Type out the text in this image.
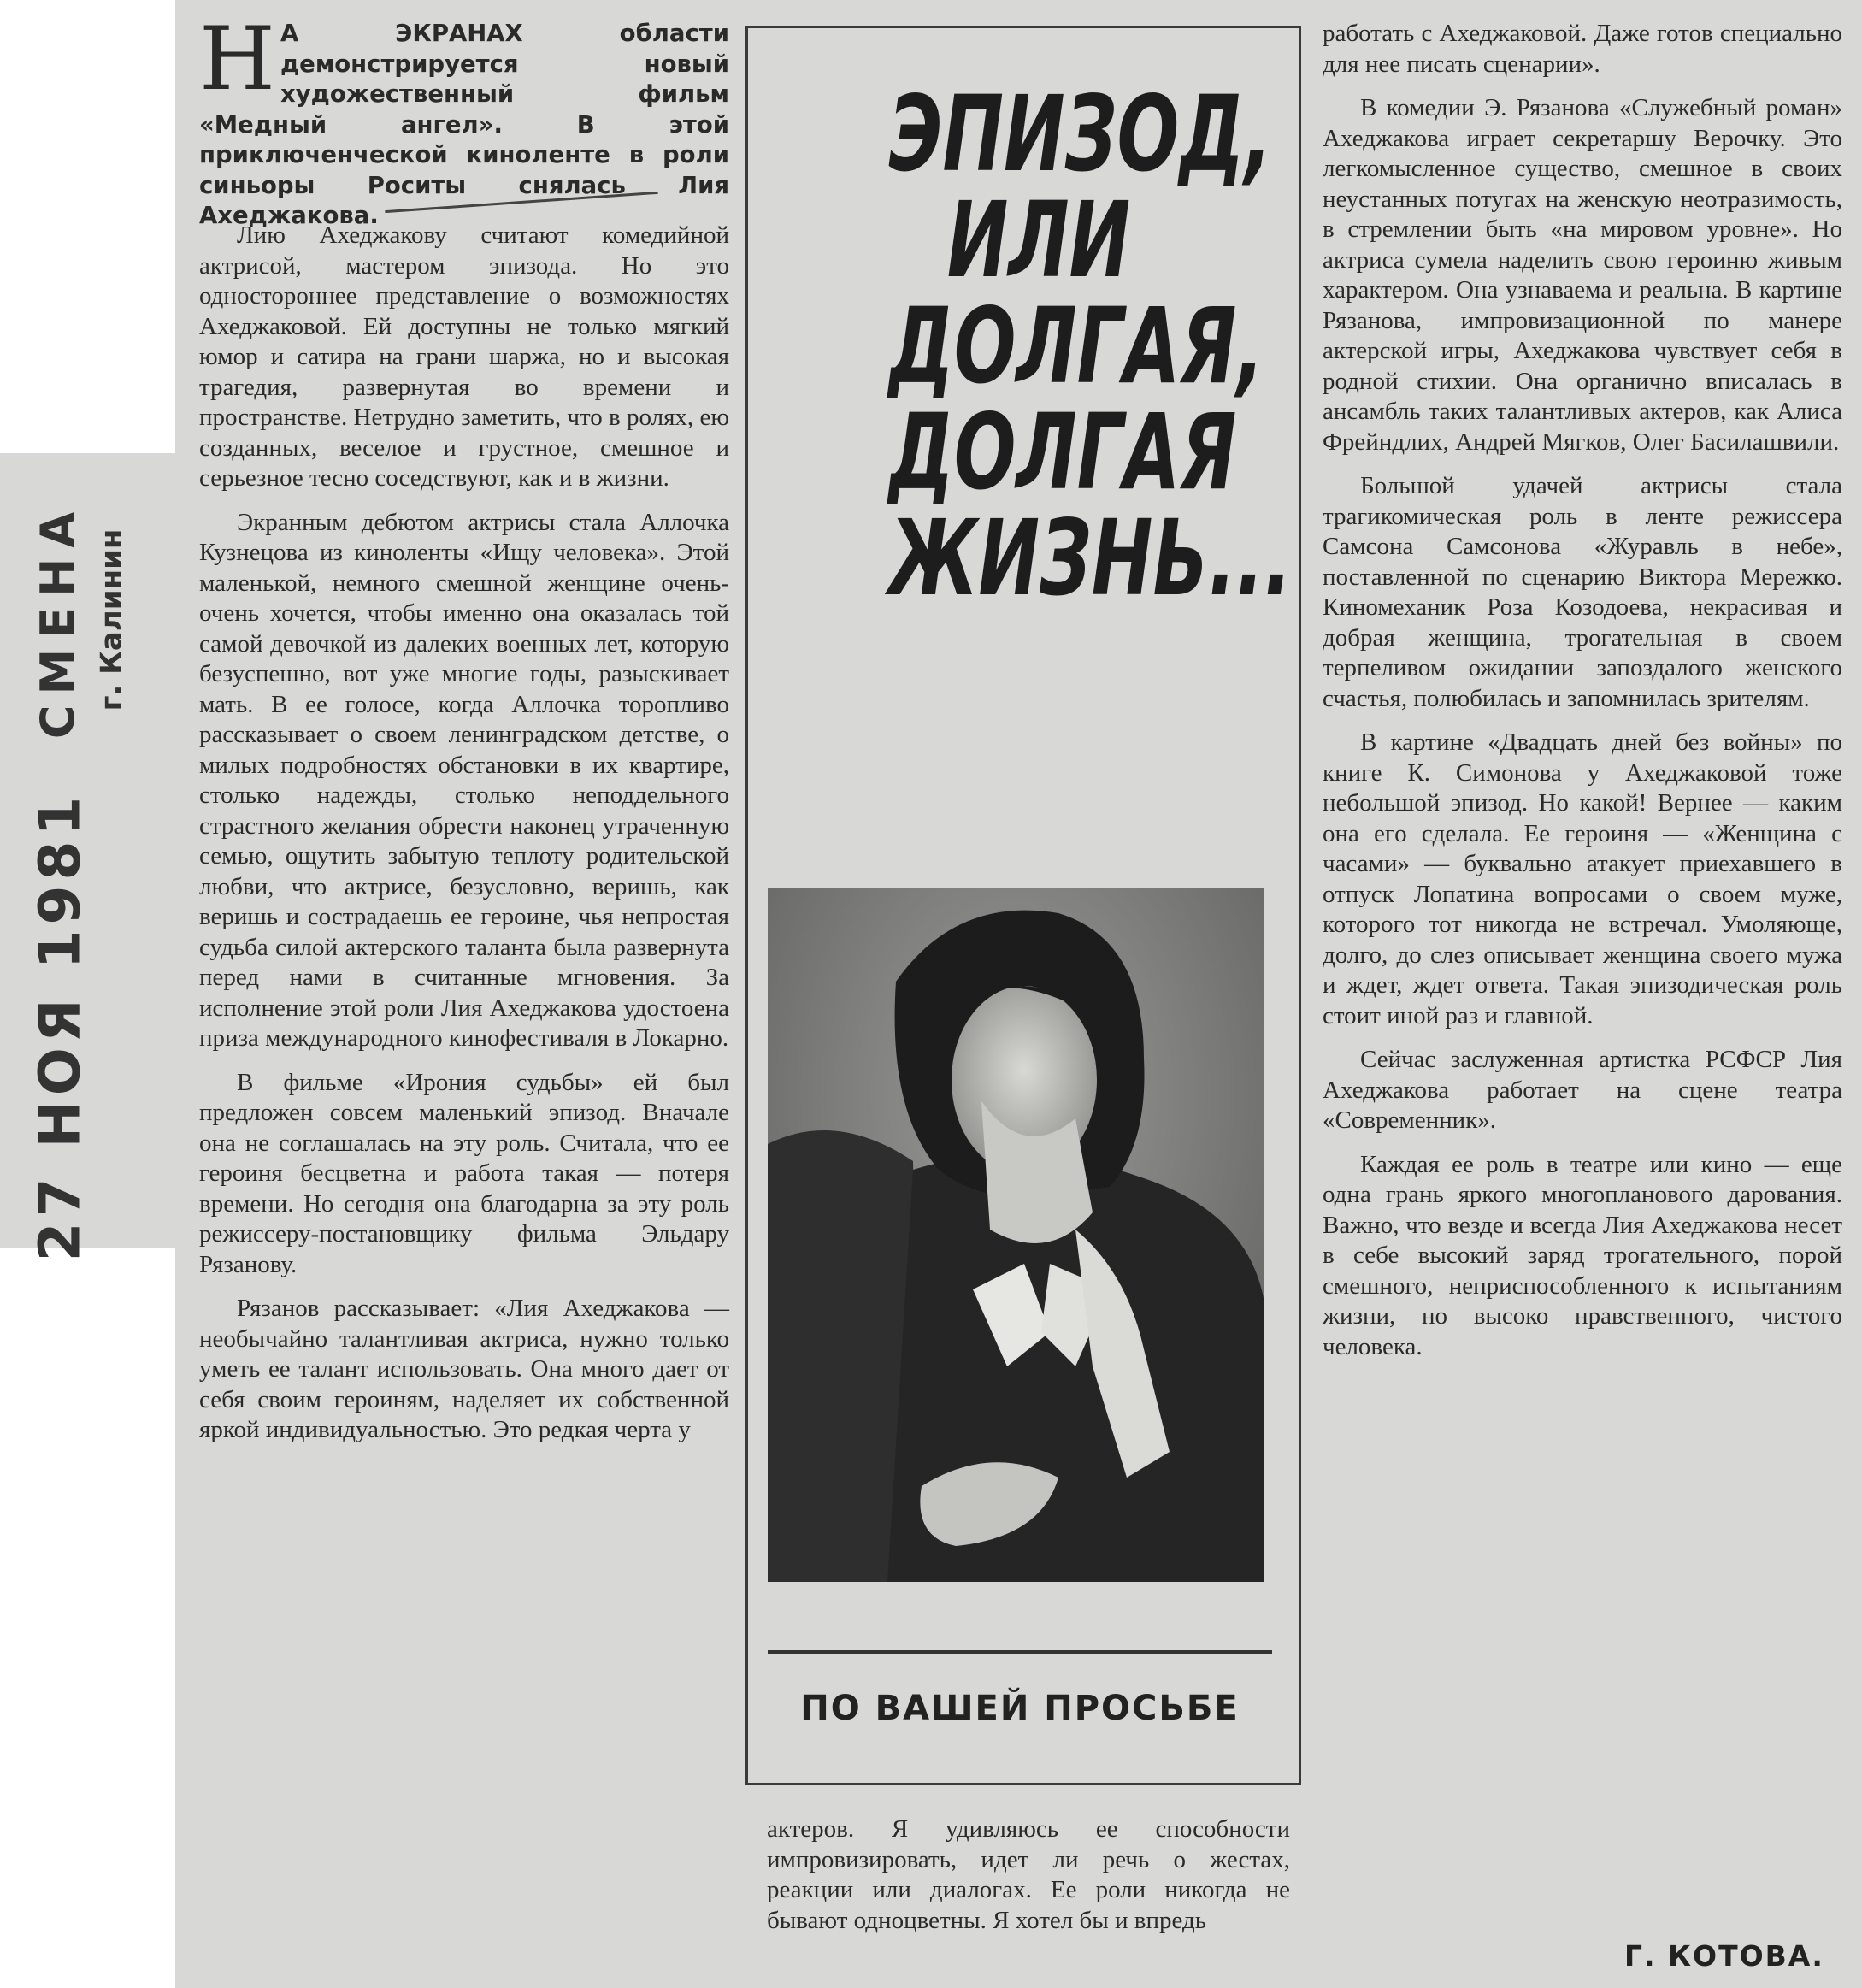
СМЕНА г. Калинин
27 НОЯ 1981
Н А ЭКРАНАХ области демонстрируется новый художественный фильм «Медный ангел». В этой приключенческой киноленте в роли синьоры Роситы снялась Лия Ахеджакова.

Лию Ахеджакову считают комедийной актрисой, мастером эпизода. Но это одностороннее представление о возможностях Ахеджаковой. Ей доступны не только мягкий юмор и сатира на грани шаржа, но и высокая трагедия, развернутая во времени и пространстве. Нетрудно заметить, что в ролях, ею созданных, веселое и грустное, смешное и серьезное тесно соседствуют, как и в жизни.

Экранным дебютом актрисы стала Аллочка Кузнецова из киноленты «Ищу человека». Этой маленькой, немного смешной женщине очень-очень хочется, чтобы именно она оказалась той самой девочкой из далеких военных лет, которую безуспешно, вот уже многие годы, разыскивает мать. В ее голосе, когда Аллочка торопливо рассказывает о своем ленинградском детстве, о милых подробностях обстановки в их квартире, столько надежды, столько неподдельного страстного желания обрести наконец утраченную семью, ощутить забытую теплоту родительской любви, что актрисе, безусловно, веришь, как веришь и сострадаешь ее героине, чья непростая судьба силой актерского таланта была развернута перед нами в считанные мгновения. За исполнение этой роли Лия Ахеджакова удостоена приза международного кинофестиваля в Локарно.

В фильме «Ирония судьбы» ей был предложен совсем маленький эпизод. Вначале она не соглашалась на эту роль. Считала, что ее героиня бесцветна и работа такая — потеря времени. Но сегодня она благодарна за эту роль режиссеру-постановщику фильма Эльдару Рязанову.

Рязанов рассказывает: «Лия Ахеджакова — необычайно талантливая актриса, нужно только уметь ее талант использовать. Она много дает от себя своим героиням, наделяет их собственной яркой индивидуальностью. Это редкая черта у

ЭПИЗОД,
ИЛИ
ДОЛГАЯ,
ДОЛГАЯ
ЖИЗНЬ...
ПО ВАШЕЙ ПРОСЬБЕ

актеров. Я удивляюсь ее способности импровизировать, идет ли речь о жестах, реакции или диалогах. Ее роли никогда не бывают одноцветны. Я хотел бы и впредь

работать с Ахеджаковой. Даже готов специально для нее писать сценарии».

В комедии Э. Рязанова «Служебный роман» Ахеджакова играет секретаршу Верочку. Это легкомысленное существо, смешное в своих неустанных потугах на женскую неотразимость, в стремлении быть «на мировом уровне». Но актриса сумела наделить свою героиню живым характером. Она узнаваема и реальна. В картине Рязанова, импровизационной по манере актерской игры, Ахеджакова чувствует себя в родной стихии. Она органично вписалась в ансамбль таких талантливых актеров, как Алиса Фрейндлих, Андрей Мягков, Олег Басилашвили.

Большой удачей актрисы стала трагикомическая роль в ленте режиссера Самсона Самсонова «Журавль в небе», поставленной по сценарию Виктора Мережко. Киномеханик Роза Козодоева, некрасивая и добрая женщина, трогательная в своем терпеливом ожидании запоздалого женского счастья, полюбилась и запомнилась зрителям.

В картине «Двадцать дней без войны» по книге К. Симонова у Ахеджаковой тоже небольшой эпизод. Но какой! Вернее — каким она его сделала. Ее героиня — «Женщина с часами» — буквально атакует приехавшего в отпуск Лопатина вопросами о своем муже, которого тот никогда не встречал. Умоляюще, долго, до слез описывает женщина своего мужа и ждет, ждет ответа. Такая эпизодическая роль стоит иной раз и главной.

Сейчас заслуженная артистка РСФСР Лия Ахеджакова работает на сцене театра «Современник».

Каждая ее роль в театре или кино — еще одна грань яркого многопланового дарования. Важно, что везде и всегда Лия Ахеджакова несет в себе высокий заряд трогательного, порой смешного, неприспособленного к испытаниям жизни, но высоко нравственного, чистого человека.

Г. КОТОВА.
